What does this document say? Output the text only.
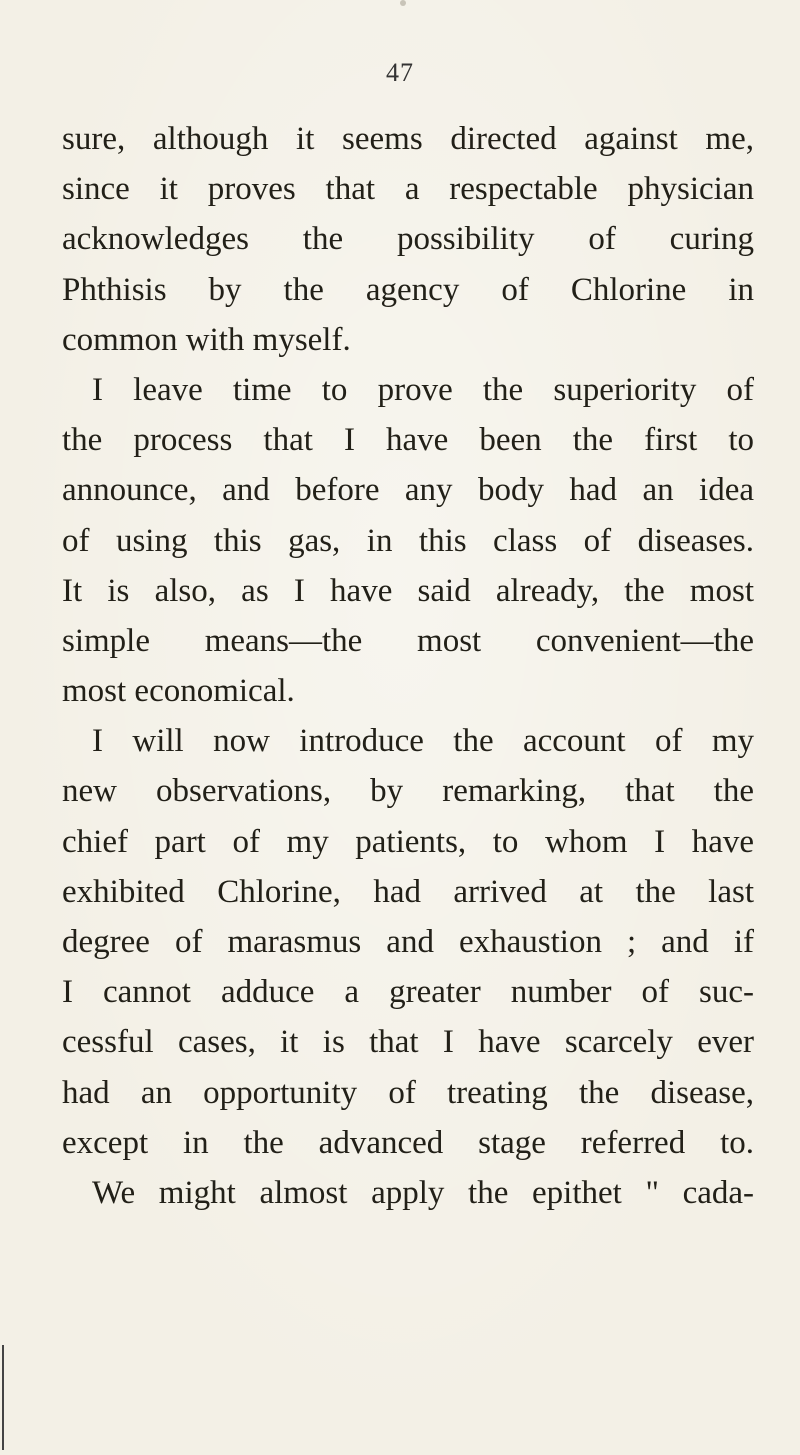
47
sure, although it seems directed against me,
since it proves that a respectable physician
acknowledges the possibility of curing
Phthisis by the agency of Chlorine in
common with myself.
I leave time to prove the superiority of
the process that I have been the first to
announce, and before any body had an idea
of using this gas, in this class of diseases.
It is also, as I have said already, the most
simple means—the most convenient—the
most economical.
I will now introduce the account of my
new observations, by remarking, that the
chief part of my patients, to whom I have
exhibited Chlorine, had arrived at the last
degree of marasmus and exhaustion ; and if
I cannot adduce a greater number of suc-
cessful cases, it is that I have scarcely ever
had an opportunity of treating the disease,
except in the advanced stage referred to.
We might almost apply the epithet " cada-
